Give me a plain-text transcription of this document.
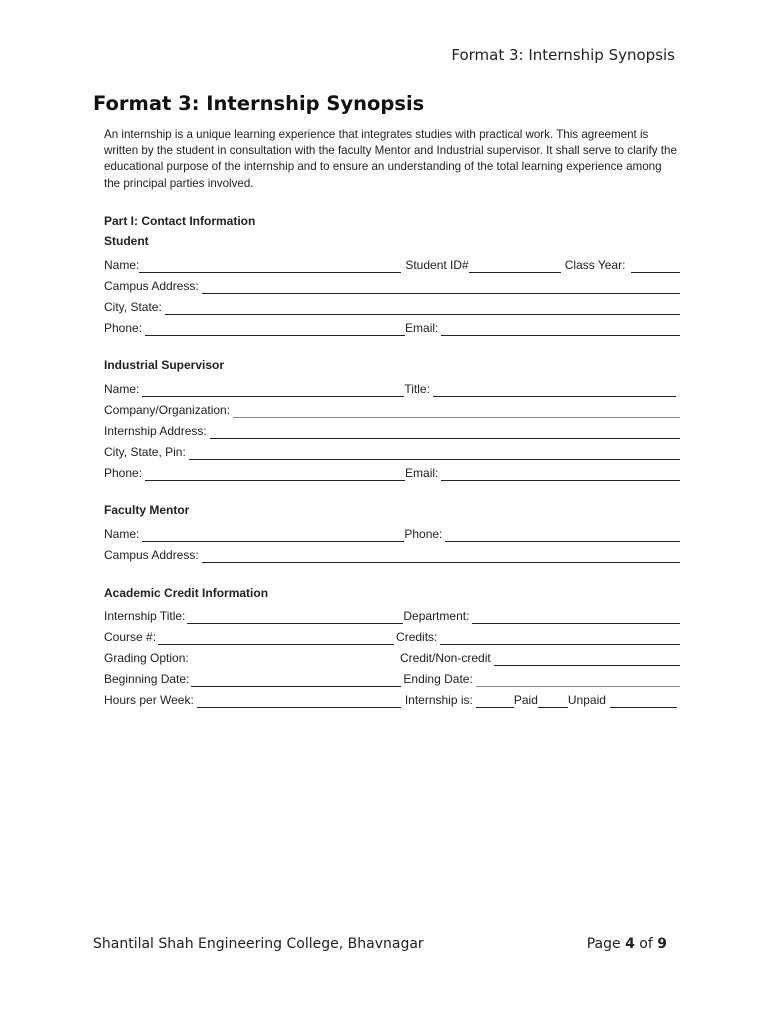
Format 3: Internship Synopsis
Format 3: Internship Synopsis
An internship is a unique learning experience that integrates studies with practical work. This agreement is written by the student in consultation with the faculty Mentor and Industrial supervisor. It shall serve to clarify the educational purpose of the internship and to ensure an understanding of the total learning experience among the principal parties involved.
Part I: Contact Information
Student
Name:	Student ID#	Class Year:
Campus Address:
City, State:
Phone:	Email:
Industrial Supervisor
Name:	Title:
Company/Organization:
Internship Address:
City, State, Pin:
Phone:	Email:
Faculty Mentor
Name:	Phone:
Campus Address:
Academic Credit Information
Internship Title:	Department:
Course #:	Credits:
Grading Option:	Credit/Non-credit
Beginning Date:	Ending Date:
Hours per Week:	Internship is:	Paid	Unpaid
Shantilal Shah Engineering College, Bhavnagar	Page 4 of 9
